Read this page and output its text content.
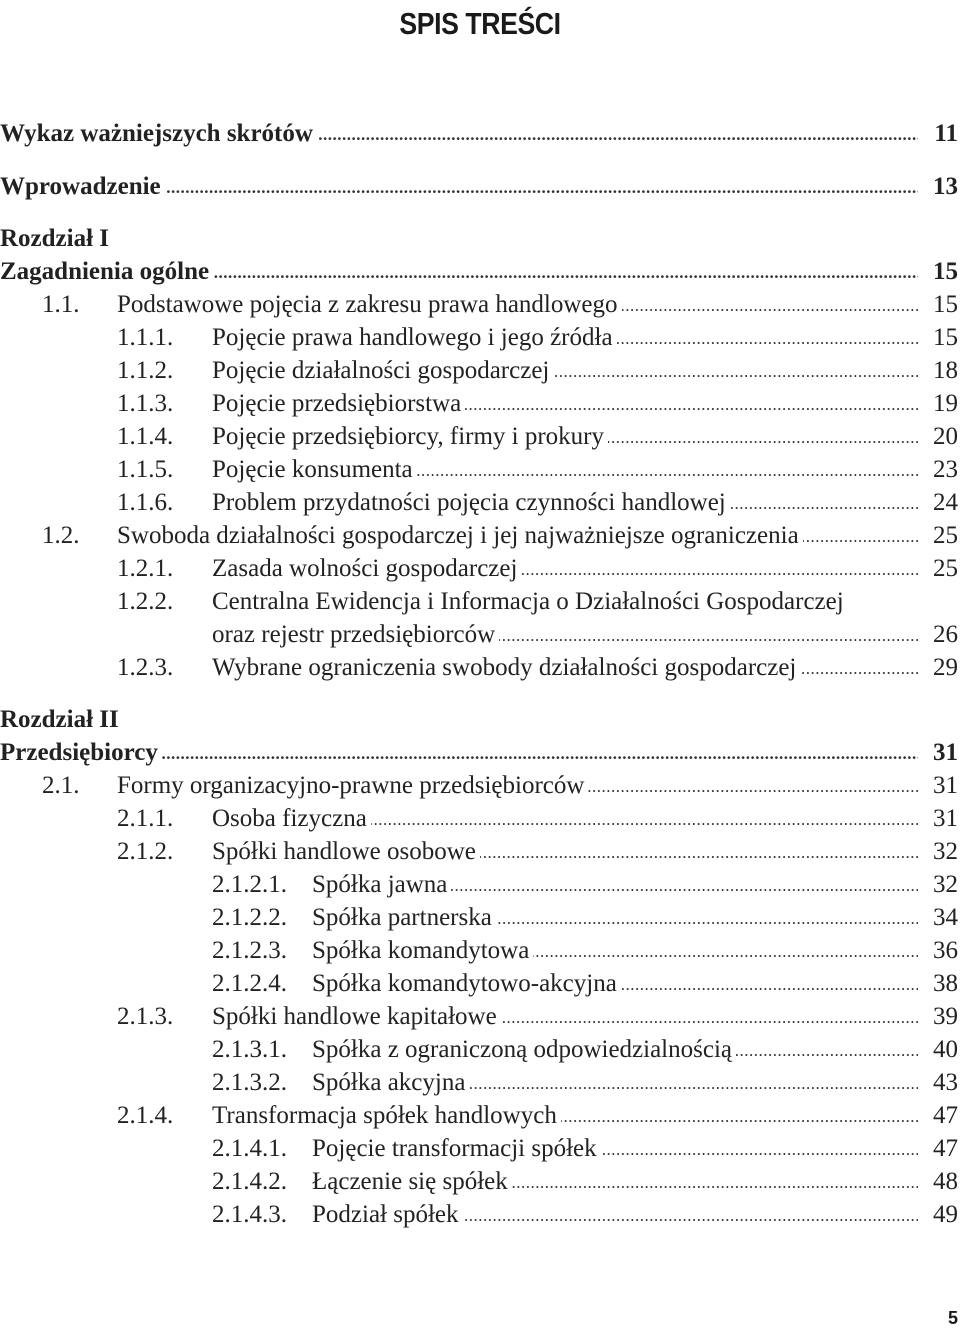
SPIS TREŚCI
Wykaz ważniejszych skrótów .....	11
Wprowadzenie .....	13
Rozdział I
Zagadnienia ogólne .....	15
1.1. Podstawowe pojęcia z zakresu prawa handlowego .....	15
1.1.1. Pojęcie prawa handlowego i jego źródła .....	15
1.1.2. Pojęcie działalności gospodarczej .....	18
1.1.3. Pojęcie przedsiębiorstwa .....	19
1.1.4. Pojęcie przedsiębiorcy, firmy i prokury .....	20
1.1.5. Pojęcie konsumenta .....	23
1.1.6. Problem przydatności pojęcia czynności handlowej .....	24
1.2. Swoboda działalności gospodarczej i jej najważniejsze ograniczenia .....	25
1.2.1. Zasada wolności gospodarczej .....	25
1.2.2. Centralna Ewidencja i Informacja o Działalności Gospodarczej
oraz rejestr przedsiębiorców .....	26
1.2.3. Wybrane ograniczenia swobody działalności gospodarczej .....	29
Rozdział II
Przedsiębiorcy .....	31
2.1. Formy organizacyjno-prawne przedsiębiorców .....	31
2.1.1. Osoba fizyczna .....	31
2.1.2. Spółki handlowe osobowe .....	32
2.1.2.1. Spółka jawna .....	32
2.1.2.2. Spółka partnerska .....	34
2.1.2.3. Spółka komandytowa .....	36
2.1.2.4. Spółka komandytowo-akcyjna .....	38
2.1.3. Spółki handlowe kapitałowe .....	39
2.1.3.1. Spółka z ograniczoną odpowiedzialnością .....	40
2.1.3.2. Spółka akcyjna .....	43
2.1.4. Transformacja spółek handlowych .....	47
2.1.4.1. Pojęcie transformacji spółek .....	47
2.1.4.2. Łączenie się spółek .....	48
2.1.4.3. Podział spółek .....	49
5
